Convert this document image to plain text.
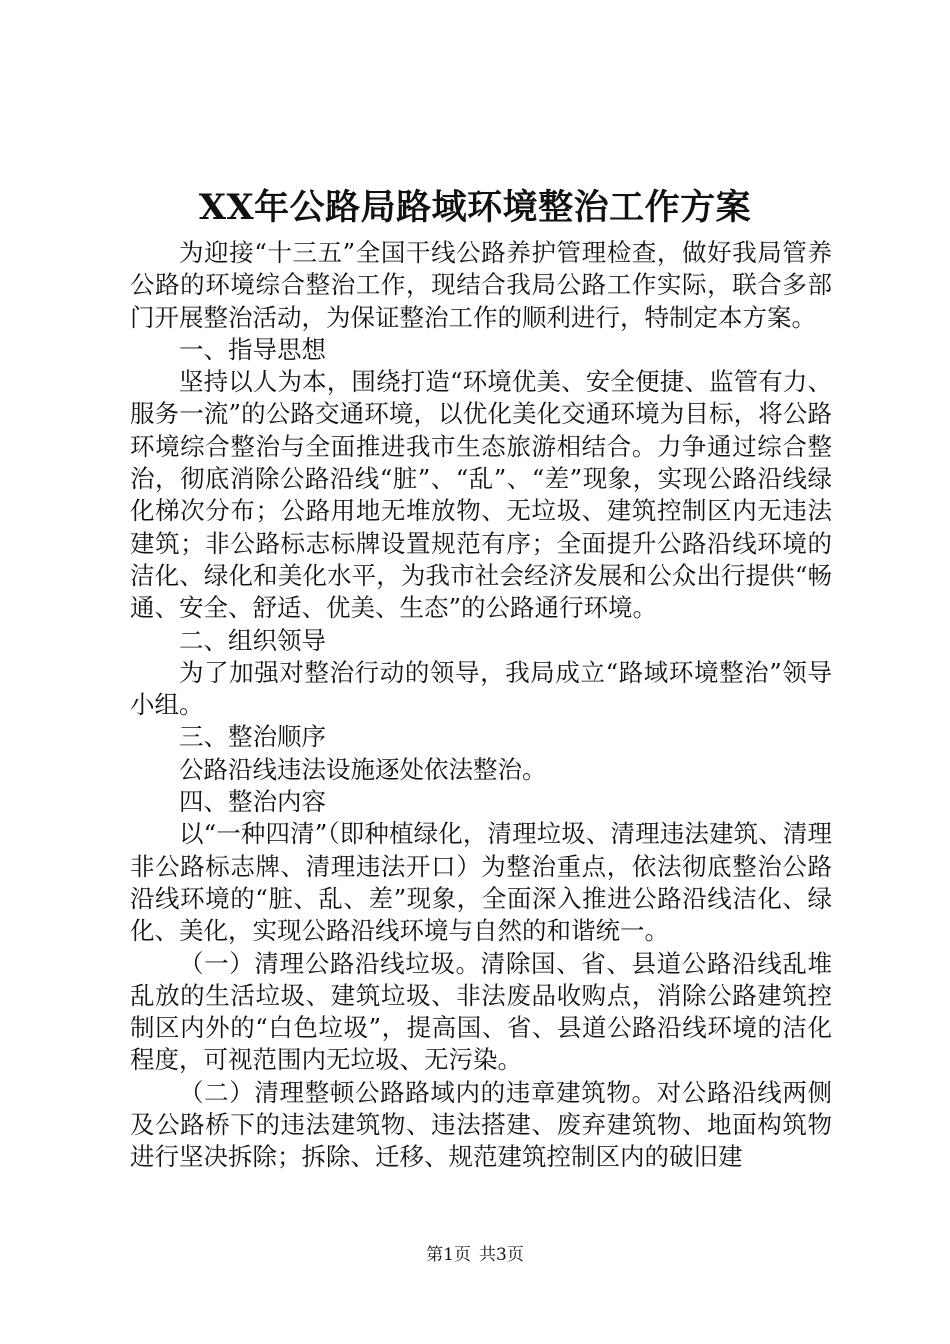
XX年公路局路域环境整治工作方案

为迎接“十三五”全国干线公路养护管理检查，做好我局管养公路的环境综合整治工作，现结合我局公路工作实际，联合多部门开展整治活动，为保证整治工作的顺利进行，特制定本方案。

一、指导思想

坚持以人为本，围绕打造“环境优美、安全便捷、监管有力、服务一流”的公路交通环境，以优化美化交通环境为目标，将公路环境综合整治与全面推进我市生态旅游相结合。力争通过综合整治，彻底消除公路沿线“脏”、“乱”、“差”现象，实现公路沿线绿化梯次分布；公路用地无堆放物、无垃圾、建筑控制区内无违法建筑；非公路标志标牌设置规范有序；全面提升公路沿线环境的洁化、绿化和美化水平，为我市社会经济发展和公众出行提供“畅通、安全、舒适、优美、生态”的公路通行环境。

二、组织领导

为了加强对整治行动的领导，我局成立“路域环境整治”领导小组。

三、整治顺序

公路沿线违法设施逐处依法整治。

四、整治内容

以“一种四清”（即种植绿化，清理垃圾、清理违法建筑、清理非公路标志牌、清理违法开口）为整治重点，依法彻底整治公路沿线环境的“脏、乱、差”现象，全面深入推进公路沿线洁化、绿化、美化，实现公路沿线环境与自然的和谐统一。

（一）清理公路沿线垃圾。清除国、省、县道公路沿线乱堆乱放的生活垃圾、建筑垃圾、非法废品收购点，消除公路建筑控制区内外的“白色垃圾”，提高国、省、县道公路沿线环境的洁化程度，可视范围内无垃圾、无污染。

（二）清理整顿公路路域内的违章建筑物。对公路沿线两侧及公路桥下的违法建筑物、违法搭建、废弃建筑物、地面构筑物进行坚决拆除；拆除、迁移、规范建筑控制区内的破旧建

第1页 共3页
